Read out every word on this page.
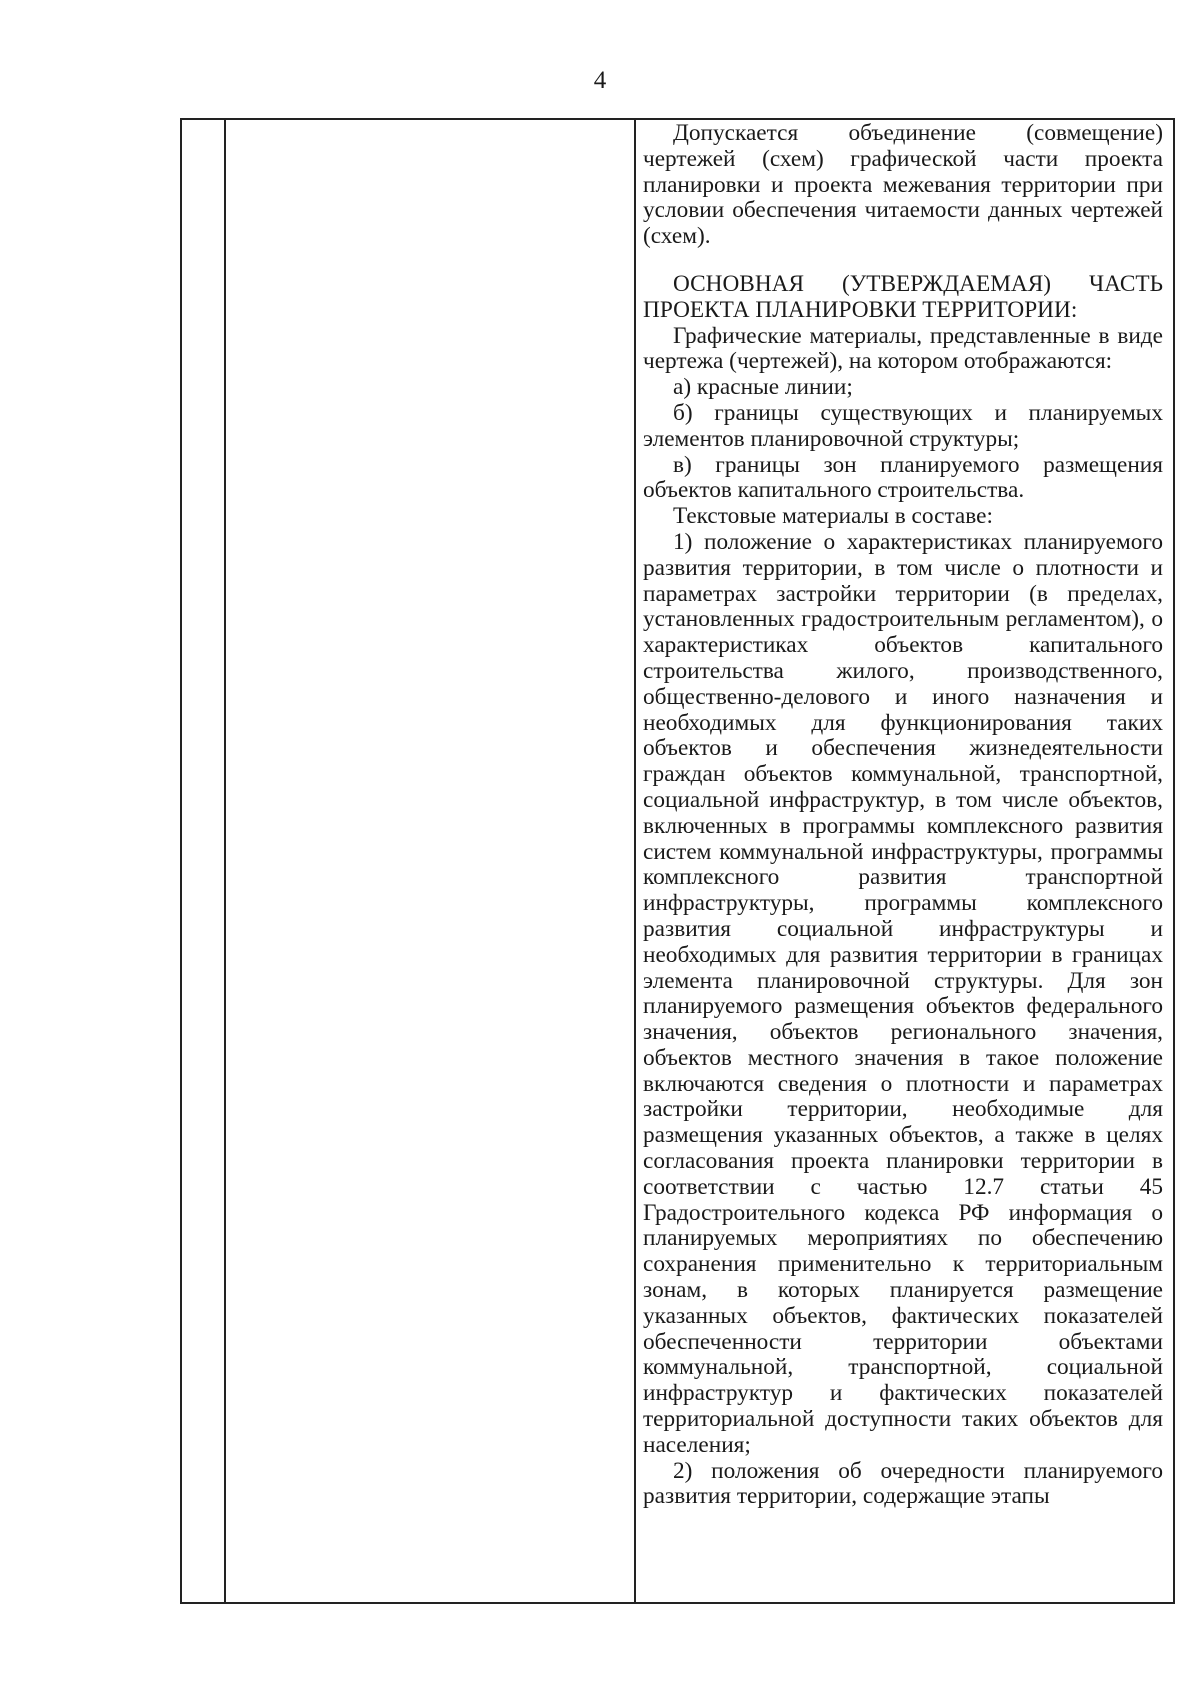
4

Допускается объединение (совмещение) чертежей (схем) графической части проекта планировки и проекта межевания территории при условии обеспечения читаемости данных чертежей (схем).

ОСНОВНАЯ (УТВЕРЖДАЕМАЯ) ЧАСТЬ ПРОЕКТА ПЛАНИРОВКИ ТЕРРИТОРИИ:

Графические материалы, представленные в виде чертежа (чертежей), на котором отображаются:

а) красные линии;

б) границы существующих и планируемых элементов планировочной структуры;

в) границы зон планируемого размещения объектов капитального строительства.

Текстовые материалы в составе:

1) положение о характеристиках планируемого развития территории, в том числе о плотности и параметрах застройки территории (в пределах, установленных градостроительным регламентом), о характеристиках объектов капитального строительства жилого, производственного, общественно-делового и иного назначения и необходимых для функционирования таких объектов и обеспечения жизнедеятельности граждан объектов коммунальной, транспортной, социальной инфраструктур, в том числе объектов, включенных в программы комплексного развития систем коммунальной инфраструктуры, программы комплексного развития транспортной инфраструктуры, программы комплексного развития социальной инфраструктуры и необходимых для развития территории в границах элемента планировочной структуры. Для зон планируемого размещения объектов федерального значения, объектов регионального значения, объектов местного значения в такое положение включаются сведения о плотности и параметрах застройки территории, необходимые для размещения указанных объектов, а также в целях согласования проекта планировки территории в соответствии с частью 12.7 статьи 45 Градостроительного кодекса РФ информация о планируемых мероприятиях по обеспечению сохранения применительно к территориальным зонам, в которых планируется размещение указанных объектов, фактических показателей обеспеченности территории объектами коммунальной, транспортной, социальной инфраструктур и фактических показателей территориальной доступности таких объектов для населения;

2) положения об очередности планируемого развития территории, содержащие этапы
